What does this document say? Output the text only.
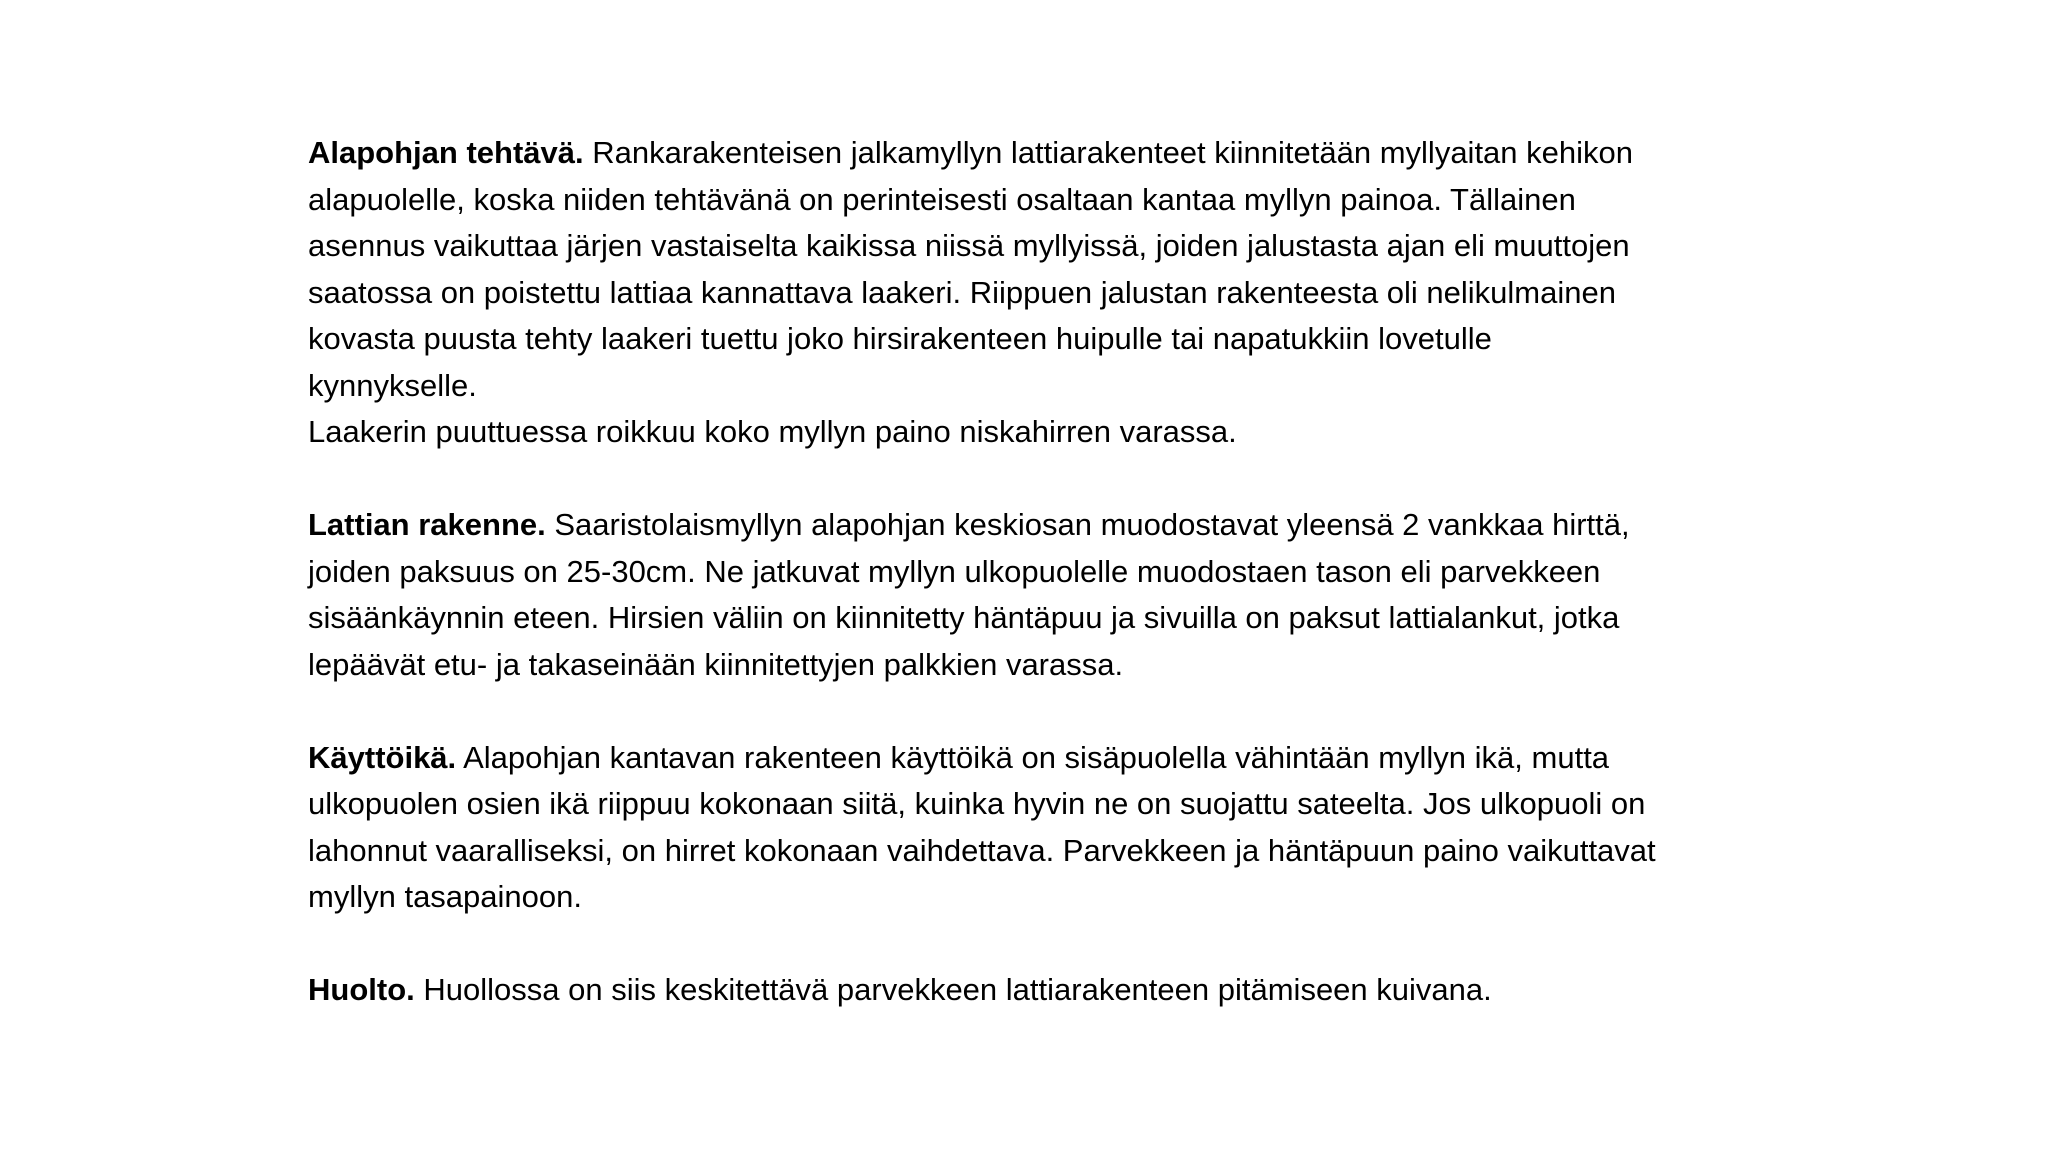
Alapohjan tehtävä. Rankarakenteisen jalkamyllyn lattiarakenteet kiinnitetään myllyaitan kehikon
alapuolelle, koska niiden tehtävänä on perinteisesti osaltaan kantaa myllyn painoa. Tällainen
asennus vaikuttaa järjen vastaiselta kaikissa niissä myllyissä, joiden jalustasta ajan eli muuttojen
saatossa on poistettu lattiaa kannattava laakeri. Riippuen jalustan rakenteesta oli nelikulmainen
kovasta puusta tehty laakeri tuettu joko hirsirakenteen huipulle tai napatukkiin lovetulle
kynnykselle.
Laakerin puuttuessa roikkuu koko myllyn paino niskahirren varassa.
Lattian rakenne. Saaristolaismyllyn alapohjan keskiosan muodostavat yleensä 2 vankkaa hirttä,
joiden paksuus on 25-30cm. Ne jatkuvat myllyn ulkopuolelle muodostaen tason eli parvekkeen
sisäänkäynnin eteen. Hirsien väliin on kiinnitetty häntäpuu ja sivuilla on paksut lattialankut, jotka
lepäävät etu- ja takaseinään kiinnitettyjen palkkien varassa.
Käyttöikä. Alapohjan kantavan rakenteen käyttöikä on sisäpuolella vähintään myllyn ikä, mutta
ulkopuolen osien ikä riippuu kokonaan siitä, kuinka hyvin ne on suojattu sateelta. Jos ulkopuoli on
lahonnut vaaralliseksi, on hirret kokonaan vaihdettava. Parvekkeen ja häntäpuun paino vaikuttavat
myllyn tasapainoon.
Huolto. Huollossa on siis keskitettävä parvekkeen lattiarakenteen pitämiseen kuivana.
